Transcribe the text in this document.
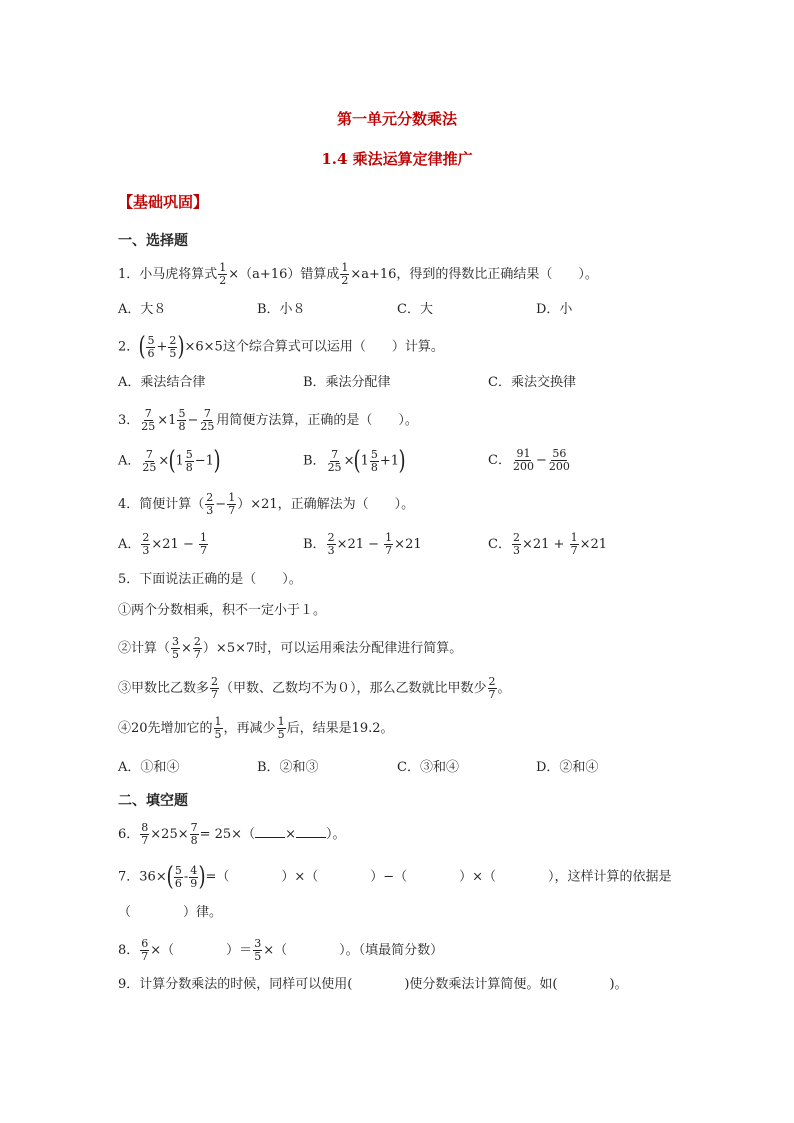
第一单元分数乘法
1.4 乘法运算定律推广
【基础巩固】
一、选择题
1．小马虎将算式 $\frac{1}{2} \times(a+16)$错算成 $\frac{1}{2} \times a+16$，得到的得数比正确结果（　　）。
A．大８	B．小８	C．大	D．小
2．( $\frac{5}{6} + \frac{2}{5} )\times 6\times 5$这个综合算式可以运用（　　）计算。
A．乘法结合律	B．乘法分配律	C．乘法交换律
3． $\frac{7}{25} \times 1 \frac{5}{8} - \frac{7}{25}$ 用简便方法算，正确的是（　　）。
A． $\frac{7}{25} \times(1 \frac{5}{8} -1)$	B． $\frac{7}{25} \times(1 \frac{5}{8} +1)$	C． $\frac{91}{200} - \frac{56}{200}$
4．简便计算（ $\frac{2}{3} - \frac{1}{7} )\times 21$，正确解法为（　　）。
A． $\frac{2}{3} \times 21 - \frac{1}{7}$	B． $\frac{2}{3} \times 21 - \frac{1}{7} \times 21$	C． $\frac{2}{3} \times 21 + \frac{1}{7} \times 21$
5．下面说法正确的是（　　）。
①两个分数相乘，积不一定小于１。
②计算（ $\frac{3}{5} \times \frac{2}{7} )\times 5\times 7$时，可以运用乘法分配律进行简算。
③甲数比乙数多 $\frac{2}{7}$ （甲数、乙数均不为０），那么乙数就比甲数少 $\frac{2}{7}$ 。
④20先增加它的 $\frac{1}{5}$ ，再减少 $\frac{1}{5}$ 后，结果是19.2。
A．①和④	B．②和③	C．③和④	D．②和④
二、填空题
6． $\frac{8}{7} \times 25\times \frac{7}{8} = 25\times$（ × ）。
7．$36\times( \frac{5}{6} - \frac{4}{9}$ )=（　　　　）×（　　　　）−（　　　　）×（　　　　），这样计算的依据是
（　　　　）律。
8． $\frac{6}{7}$ ×（　　　　）＝ $\frac{3}{5}$ ×（　　　　）。（填最简分数）
9．计算分数乘法的时候，同样可以使用(　　　　)使分数乘法计算简便。如(　　　　)。
